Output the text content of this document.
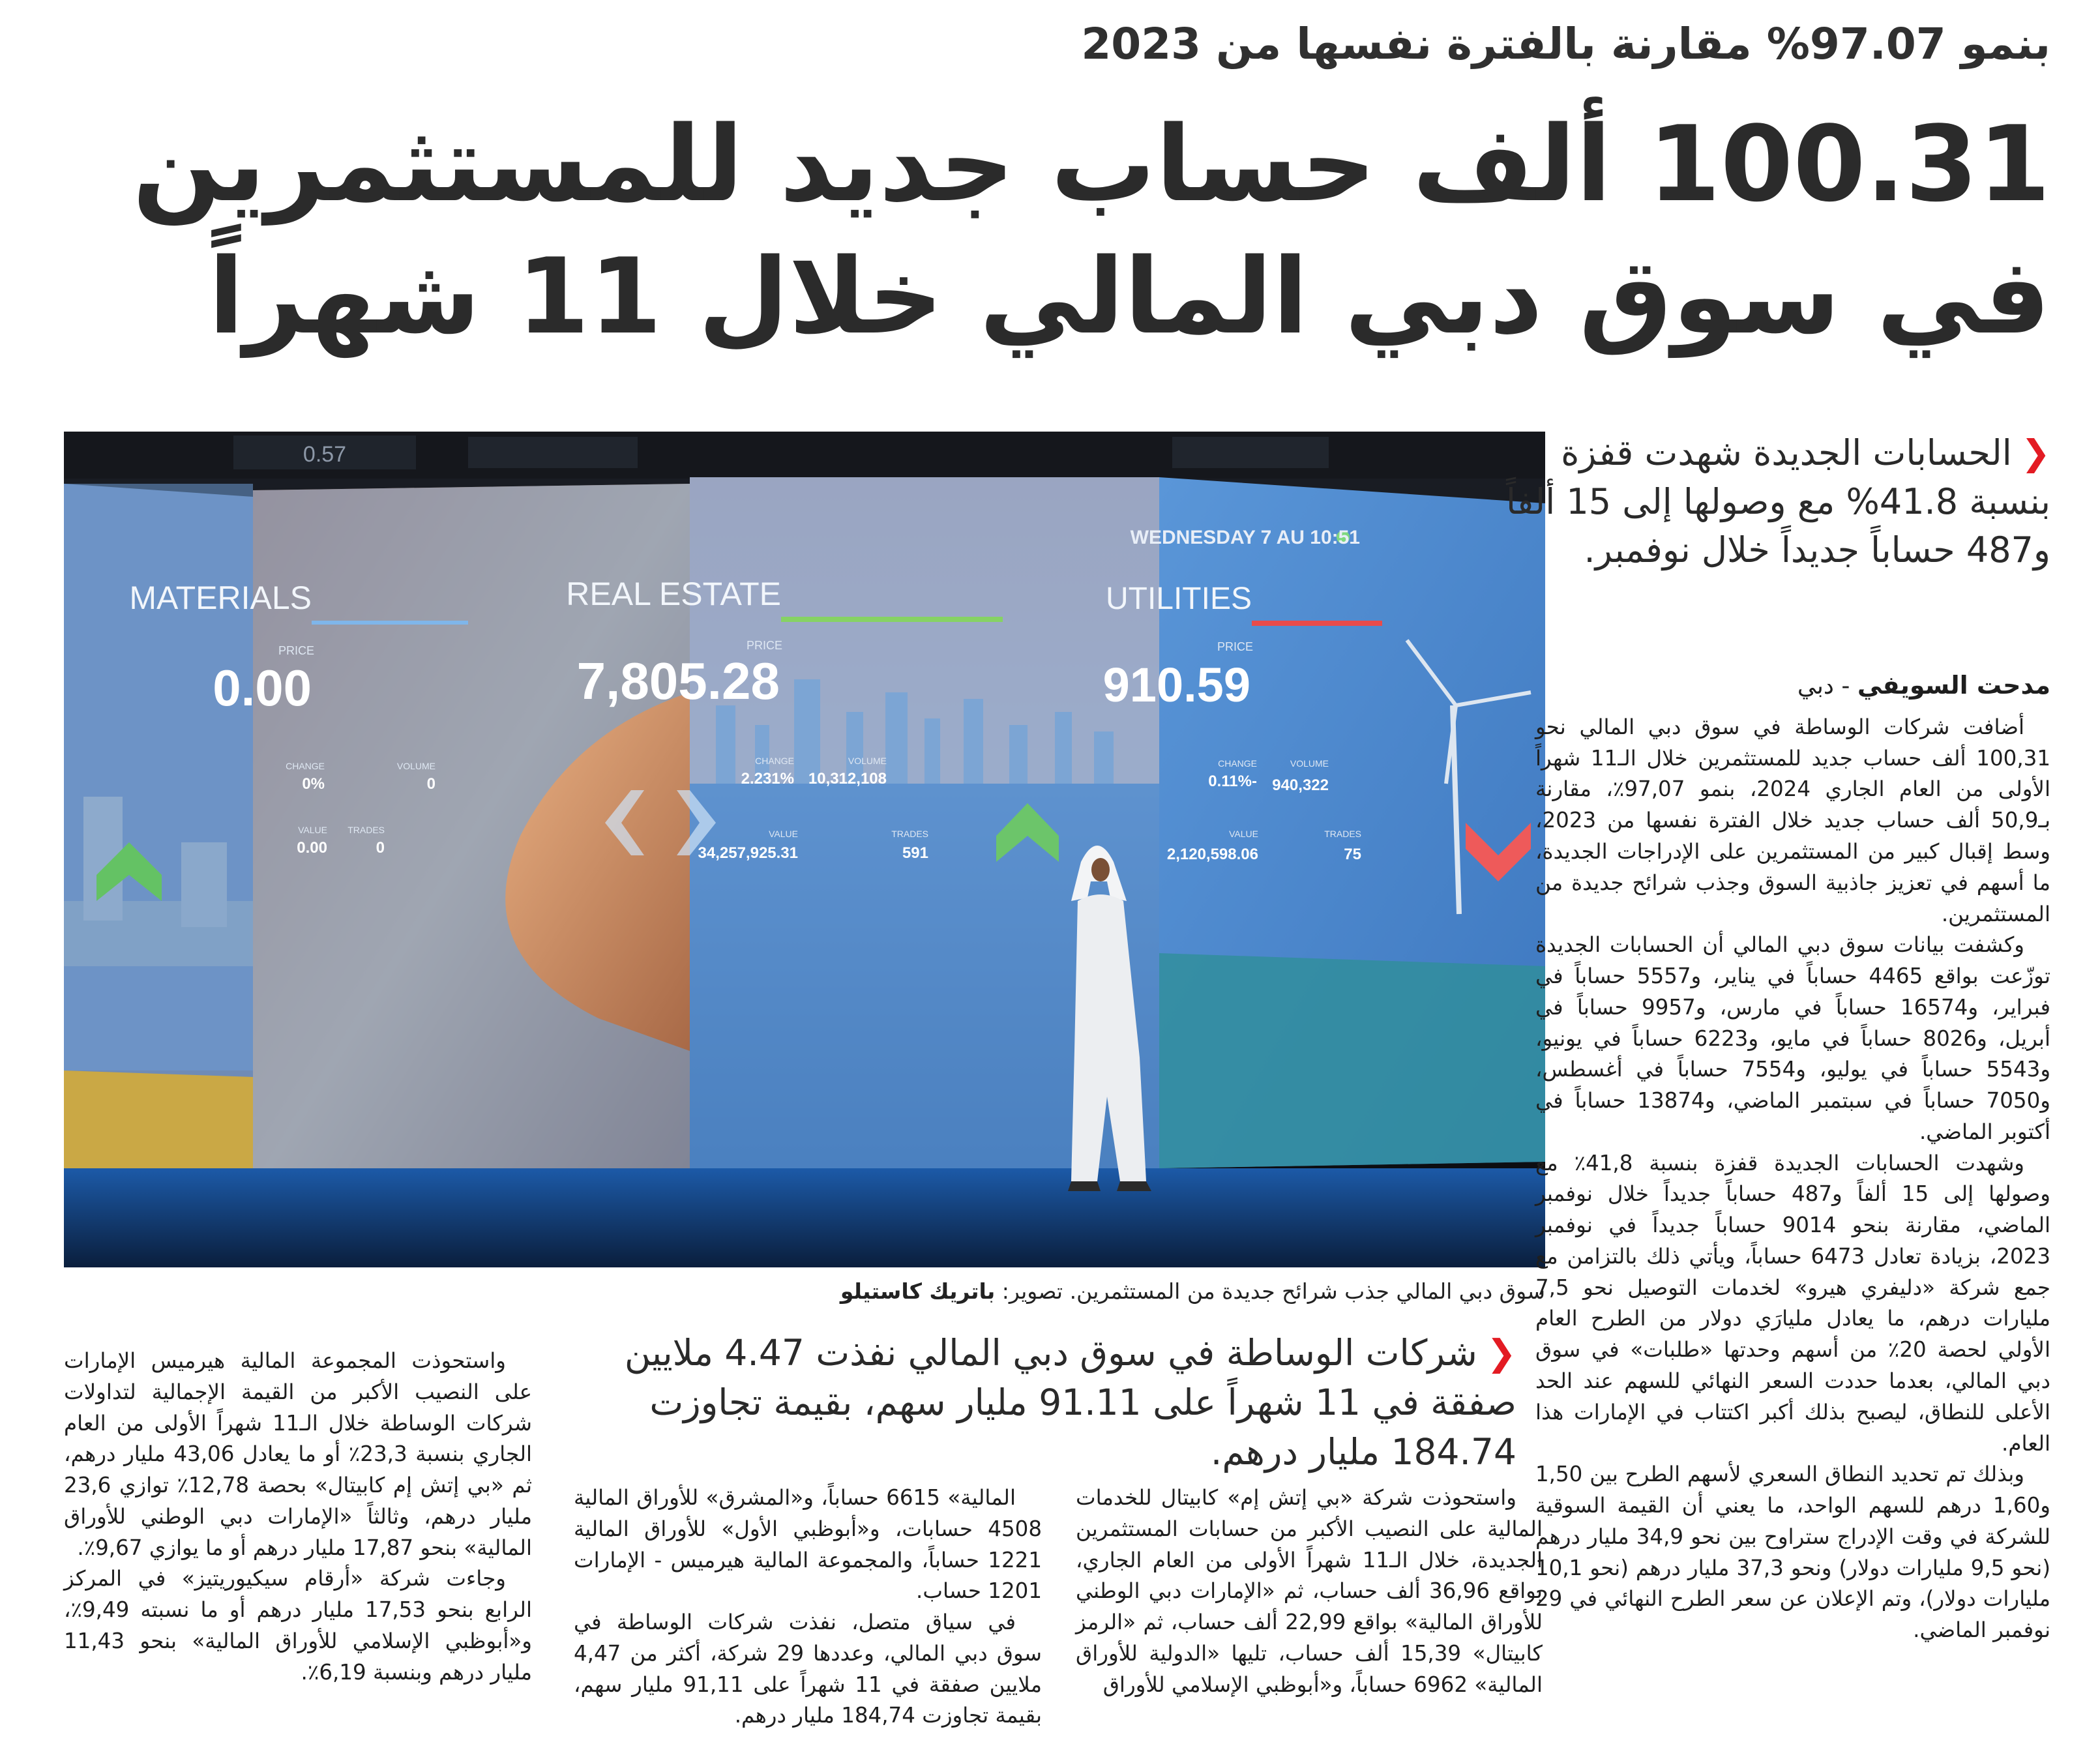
بنمو 97.07% مقارنة بالفترة نفسها من 2023
100.31 ألف حساب جديد للمستثمرين
في سوق دبي المالي خلال 11 شهراً
0.57
10:51 WEDNESDAY 7 AU
MATERIALS
PRICE
0.00
CHANGE
0%
VOLUME
0
VALUE
0.00
TRADES
0
REAL ESTATE
PRICE
7,805.28
CHANGE
2.231%
VOLUME
10,312,108
VALUE
34,257,925.31
TRADES
591
UTILITIES
PRICE
910.59
CHANGE
-0.11%
VOLUME
940,322
VALUE
2,120,598.06
TRADES
75
سوق دبي المالي جذب شرائح جديدة من المستثمرين. تصوير: باتريك كاستيلو
❮الحسابات الجديدة شهدت قفزة بنسبة 41.8% مع وصولها إلى 15 ألفاً و487 حساباً جديداً خلال نوفمبر.

مدحت السويفي - دبي

أضافت شركات الوساطة في سوق دبي المالي نحو 100,31 ألف حساب جديد للمستثمرين خلال الـ11 شهراً الأولى من العام الجاري 2024، بنمو 97,07٪، مقارنة بـ50,9 ألف حساب جديد خلال الفترة نفسها من 2023، وسط إقبال كبير من المستثمرين على الإدراجات الجديدة، ما أسهم في تعزيز جاذبية السوق وجذب شرائح جديدة من المستثمرين.

وكشفت بيانات سوق دبي المالي أن الحسابات الجديدة توزّعت بواقع 4465 حساباً في يناير، و5557 حساباً في فبراير، و16574 حساباً في مارس، و9957 حساباً في أبريل، و8026 حساباً في مايو، و6223 حساباً في يونيو، و5543 حساباً في يوليو، و7554 حساباً في أغسطس، و7050 حساباً في سبتمبر الماضي، و13874 حساباً في أكتوبر الماضي.

وشهدت الحسابات الجديدة قفزة بنسبة 41,8٪ مع وصولها إلى 15 ألفاً و487 حساباً جديداً خلال نوفمبر الماضي، مقارنة بنحو 9014 حساباً جديداً في نوفمبر 2023، بزيادة تعادل 6473 حساباً، ويأتي ذلك بالتزامن مع جمع شركة «دليفري هيرو» لخدمات التوصيل نحو 7,5 مليارات درهم، ما يعادل مليارَي دولار من الطرح العام الأولي لحصة 20٪ من أسهم وحدتها «طلبات» في سوق دبي المالي، بعدما حددت السعر النهائي للسهم عند الحد الأعلى للنطاق، ليصبح بذلك أكبر اكتتاب في الإمارات هذا العام.

وبذلك تم تحديد النطاق السعري لأسهم الطرح بين 1,50 و1,60 درهم للسهم الواحد، ما يعني أن القيمة السوقية للشركة في وقت الإدراج ستراوح بين نحو 34,9 مليار درهم (نحو 9,5 مليارات دولار) ونحو 37,3 مليار درهم (نحو 10,1 مليارات دولار)، وتم الإعلان عن سعر الطرح النهائي في 29 نوفمبر الماضي.

❮شركات الوساطة في سوق دبي المالي نفذت 4.47 ملايين صفقة في 11 شهراً على 91.11 مليار سهم، بقيمة تجاوزت 184.74 مليار درهم.

واستحوذت شركة «بي إتش إم» كابيتال للخدمات المالية على النصيب الأكبر من حسابات المستثمرين الجديدة، خلال الـ11 شهراً الأولى من العام الجاري، بواقع 36,96 ألف حساب، ثم «الإمارات دبي الوطني للأوراق المالية» بواقع 22,99 ألف حساب، ثم «الرمز كابيتال» 15,39 ألف حساب، تليها «الدولية للأوراق المالية» 6962 حساباً، و«أبوظبي الإسلامي للأوراق

المالية» 6615 حساباً، و«المشرق» للأوراق المالية 4508 حسابات، و«أبوظبي الأول» للأوراق المالية 1221 حساباً، والمجموعة المالية هيرميس - الإمارات 1201 حساب.

في سياق متصل، نفذت شركات الوساطة في سوق دبي المالي، وعددها 29 شركة، أكثر من 4,47 ملايين صفقة في 11 شهراً على 91,11 مليار سهم، بقيمة تجاوزت 184,74 مليار درهم.

واستحوذت المجموعة المالية هيرميس الإمارات على النصيب الأكبر من القيمة الإجمالية لتداولات شركات الوساطة خلال الـ11 شهراً الأولى من العام الجاري بنسبة 23,3٪ أو ما يعادل 43,06 مليار درهم، ثم «بي إتش إم كابيتال» بحصة 12,78٪ توازي 23,6 مليار درهم، وثالثاً «الإمارات دبي الوطني للأوراق المالية» بنحو 17,87 مليار درهم أو ما يوازي 9,67٪.

وجاءت شركة «أرقام سيكيوريتيز» في المركز الرابع بنحو 17,53 مليار درهم أو ما نسبته 9,49٪، و«أبوظبي الإسلامي للأوراق المالية» بنحو 11,43 مليار درهم وبنسبة 6,19٪.
